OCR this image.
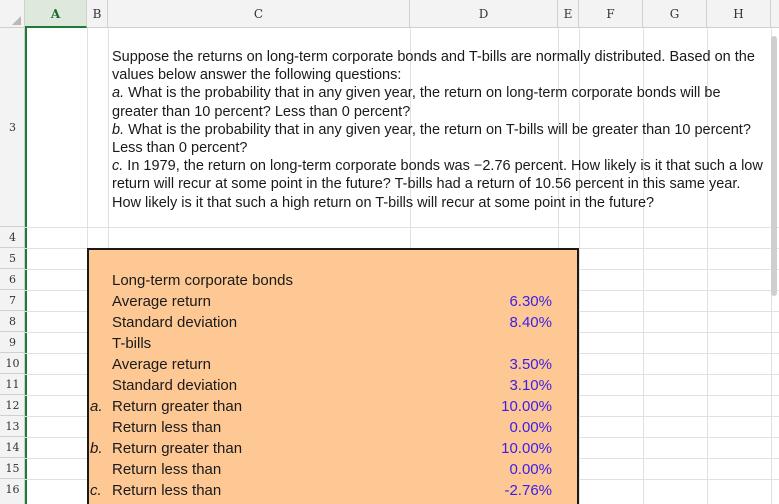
A	B	C	D	E	F	G	H
3
4
5
6
7
8
9
10
11
12
13
14
15
16

Suppose the returns on long-term corporate bonds and T-bills are normally distributed. Based on the values below answer the following questions:

a. What is the probability that in any given year, the return on long-term corporate bonds will be greater than 10 percent? Less than 0 percent?

b. What is the probability that in any given year, the return on T-bills will be greater than 10 percent? Less than 0 percent?

c. In 1979, the return on long-term corporate bonds was −2.76 percent. How likely is it that such a low return will recur at some point in the future? T-bills had a return of 10.56 percent in this same year. How likely is it that such a high return on T-bills will recur at some point in the future?

Long-term corporate bonds
Average return	6.30%
Standard deviation	8.40%
T-bills
Average return	3.50%
Standard deviation	3.10%
a. Return greater than	10.00%
Return less than	0.00%
b. Return greater than	10.00%
Return less than	0.00%
c. Return less than	-2.76%
